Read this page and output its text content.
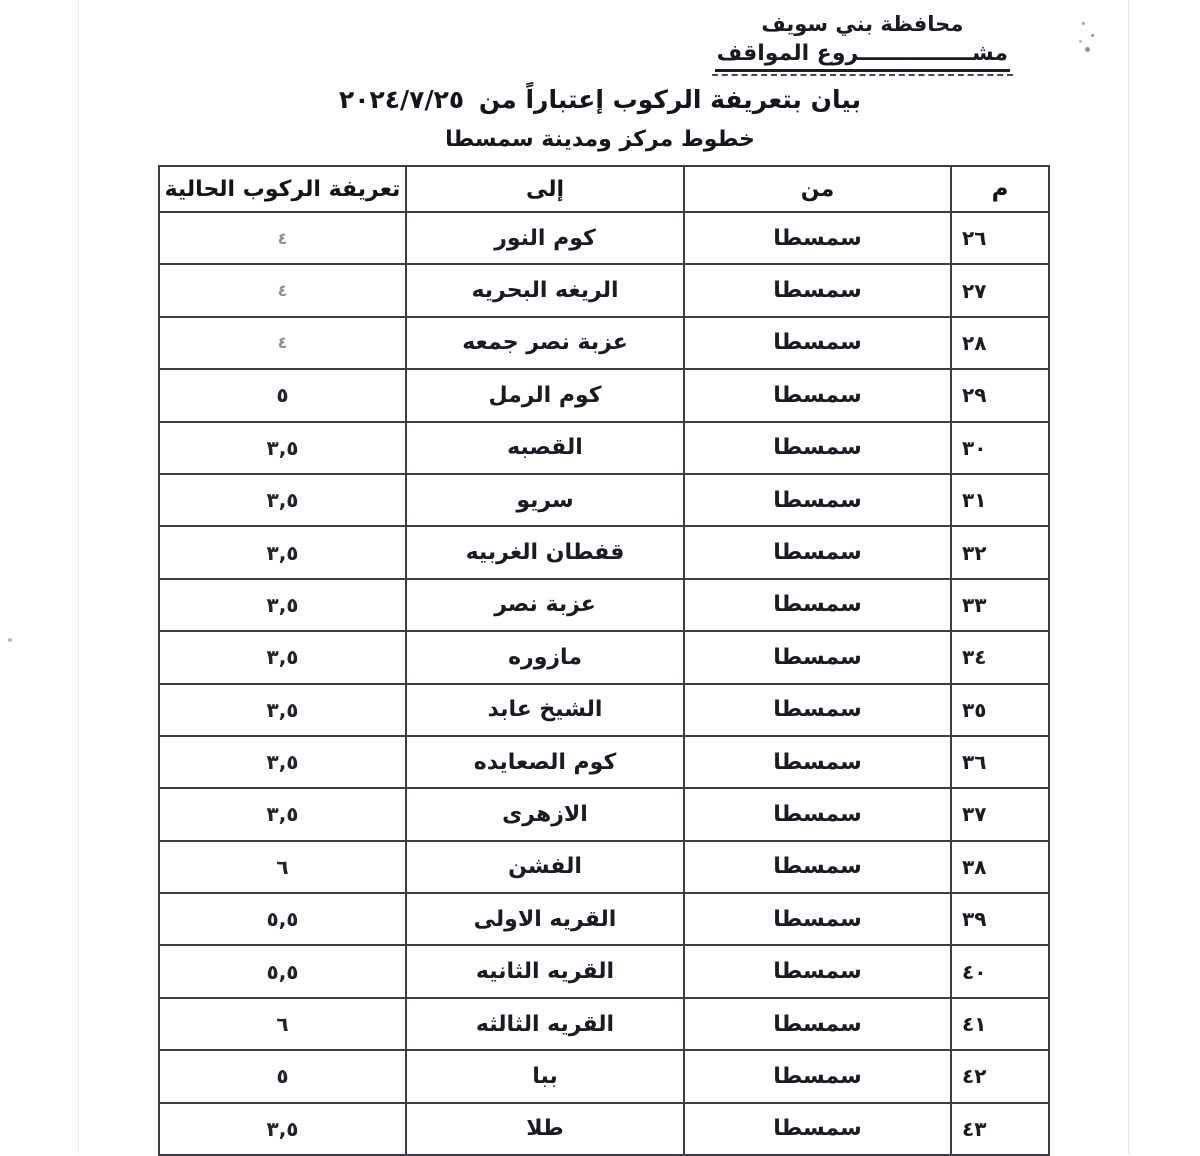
محافظة بني سويف
مشـــــــــــــــروع المواقف
بيان بتعريفة الركوب إعتباراً من ٢٠٢٤/٧/٢٥
خطوط مركز ومدينة سمسطا
م	من	إلى	تعريفة الركوب الحالية
٢٦	سمسطا	كوم النور	٤
٢٧	سمسطا	الريغه البحريه	٤
٢٨	سمسطا	عزبة نصر جمعه	٤
٢٩	سمسطا	كوم الرمل	٥
٣٠	سمسطا	القصبه	٣,٥
٣١	سمسطا	سريو	٣,٥
٣٢	سمسطا	قفطان الغربيه	٣,٥
٣٣	سمسطا	عزبة نصر	٣,٥
٣٤	سمسطا	مازوره	٣,٥
٣٥	سمسطا	الشيخ عابد	٣,٥
٣٦	سمسطا	كوم الصعايده	٣,٥
٣٧	سمسطا	الازهرى	٣,٥
٣٨	سمسطا	الفشن	٦
٣٩	سمسطا	القريه الاولى	٥,٥
٤٠	سمسطا	القريه الثانيه	٥,٥
٤١	سمسطا	القريه الثالثه	٦
٤٢	سمسطا	ببا	٥
٤٣	سمسطا	طلا	٣,٥
